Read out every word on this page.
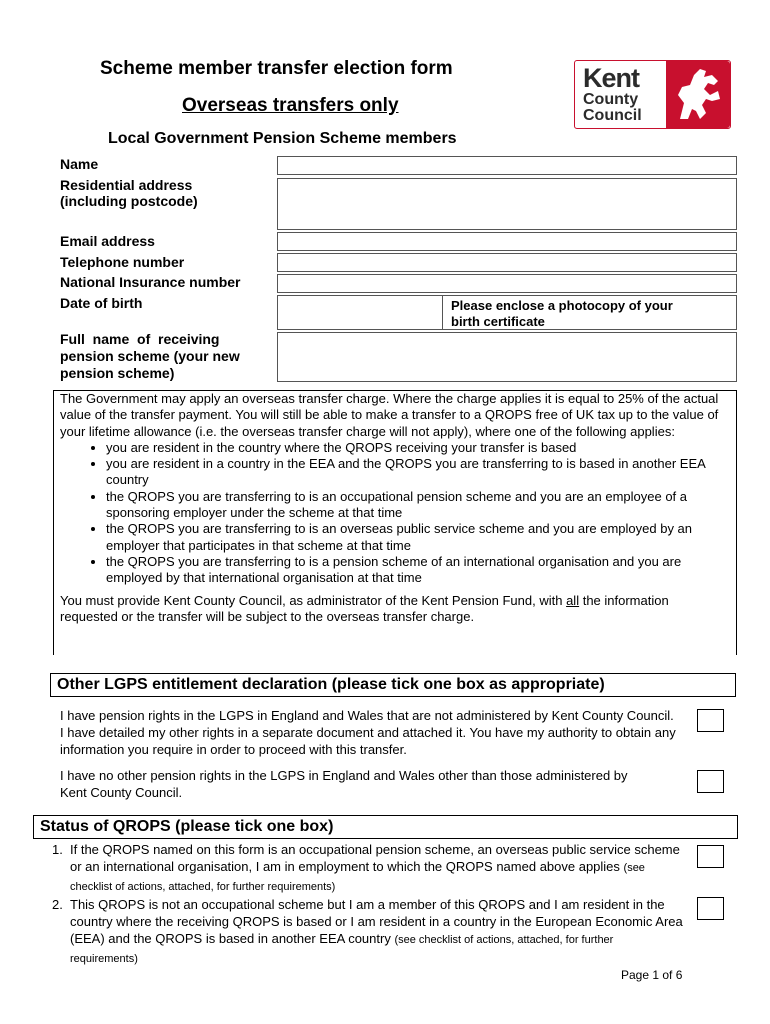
Scheme member transfer election form
Overseas transfers only
Local Government Pension Scheme members
Kent
County
Council
Name
Residential address
(including postcode)
Email address
Telephone number
National Insurance number
Date of birth	Please enclose a photocopy of your
birth certificate
Full  name  of  receiving
pension scheme (your new
pension scheme)

The Government may apply an overseas transfer charge. Where the charge applies it is equal to 25% of the actual value of the transfer payment. You will still be able to make a transfer to a QROPS free of UK tax up to the value of your lifetime allowance (i.e. the overseas transfer charge will not apply), where one of the following applies:

• you are resident in the country where the QROPS receiving your transfer is based
• you are resident in a country in the EEA and the QROPS you are transferring to is based in another EEA country
• the QROPS you are transferring to is an occupational pension scheme and you are an employee of a sponsoring employer under the scheme at that time
• the QROPS you are transferring to is an overseas public service scheme and you are employed by an employer that participates in that scheme at that time
• the QROPS you are transferring to is a pension scheme of an international organisation and you are employed by that international organisation at that time

You must provide Kent County Council, as administrator of the Kent Pension Fund, with all the information requested or the transfer will be subject to the overseas transfer charge.

Other LGPS entitlement declaration (please tick one box as appropriate)
I have pension rights in the LGPS in England and Wales that are not administered by Kent County Council. I have detailed my other rights in a separate document and attached it. You have my authority to obtain any information you require in order to proceed with this transfer.
I have no other pension rights in the LGPS in England and Wales other than those administered by Kent County Council.
Status of QROPS (please tick one box)
1. If the QROPS named on this form is an occupational pension scheme, an overseas public service scheme or an international organisation, I am in employment to which the QROPS named above applies (see checklist of actions, attached, for further requirements)
2. This QROPS is not an occupational scheme but I am a member of this QROPS and I am resident in the country where the receiving QROPS is based or I am resident in a country in the European Economic Area (EEA) and the QROPS is based in another EEA country (see checklist of actions, attached, for further requirements)
Page 1 of 6
